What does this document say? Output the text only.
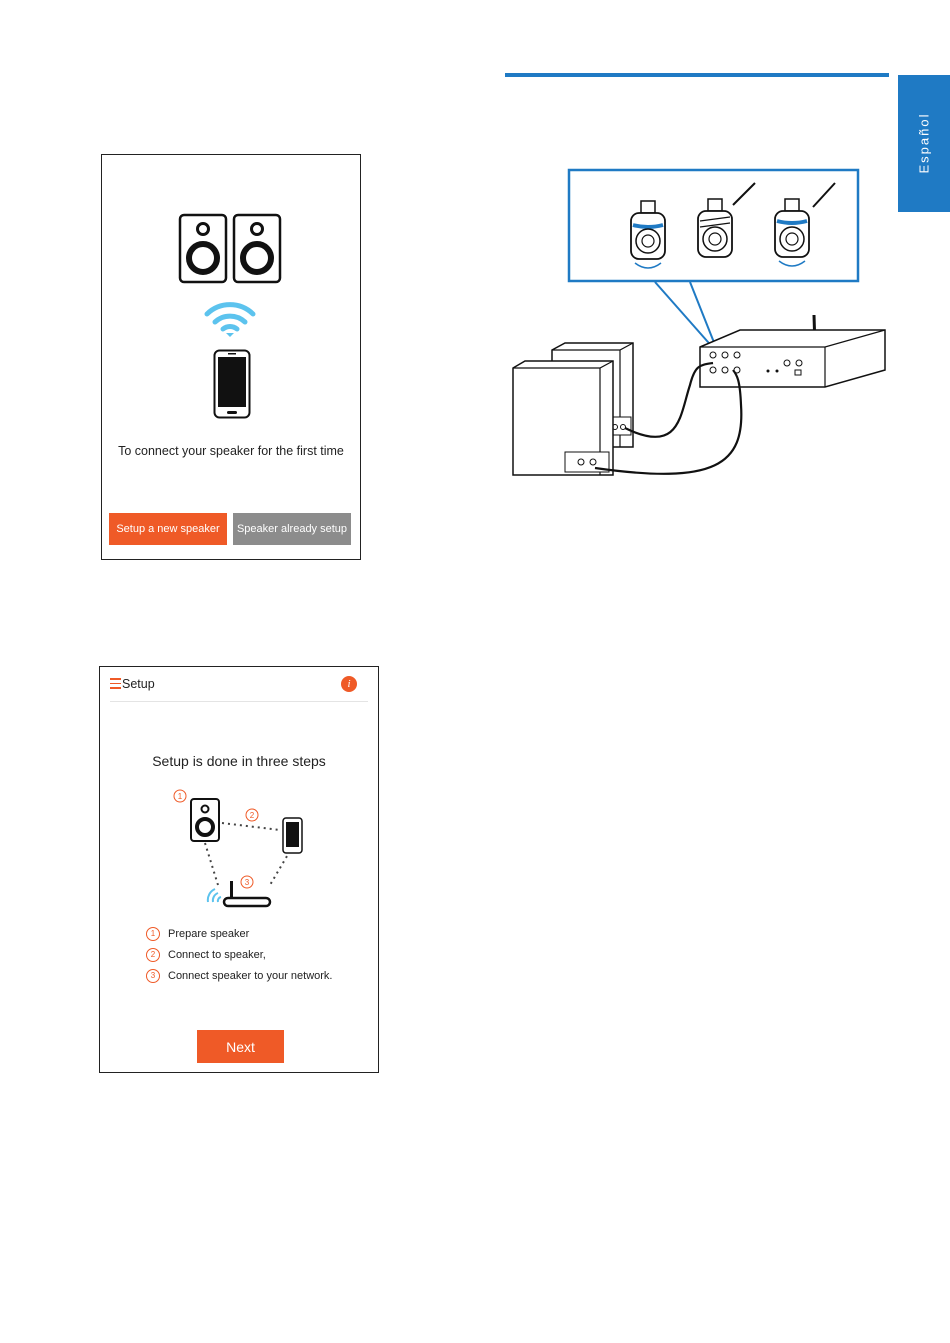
Español
To connect your speaker for the first time
Setup a new speaker	Speaker already setup
Setup	i
Setup is done in three steps
1
2
3
1	Prepare speaker
2	Connect to speaker,
3	Connect speaker to your network.
Next
